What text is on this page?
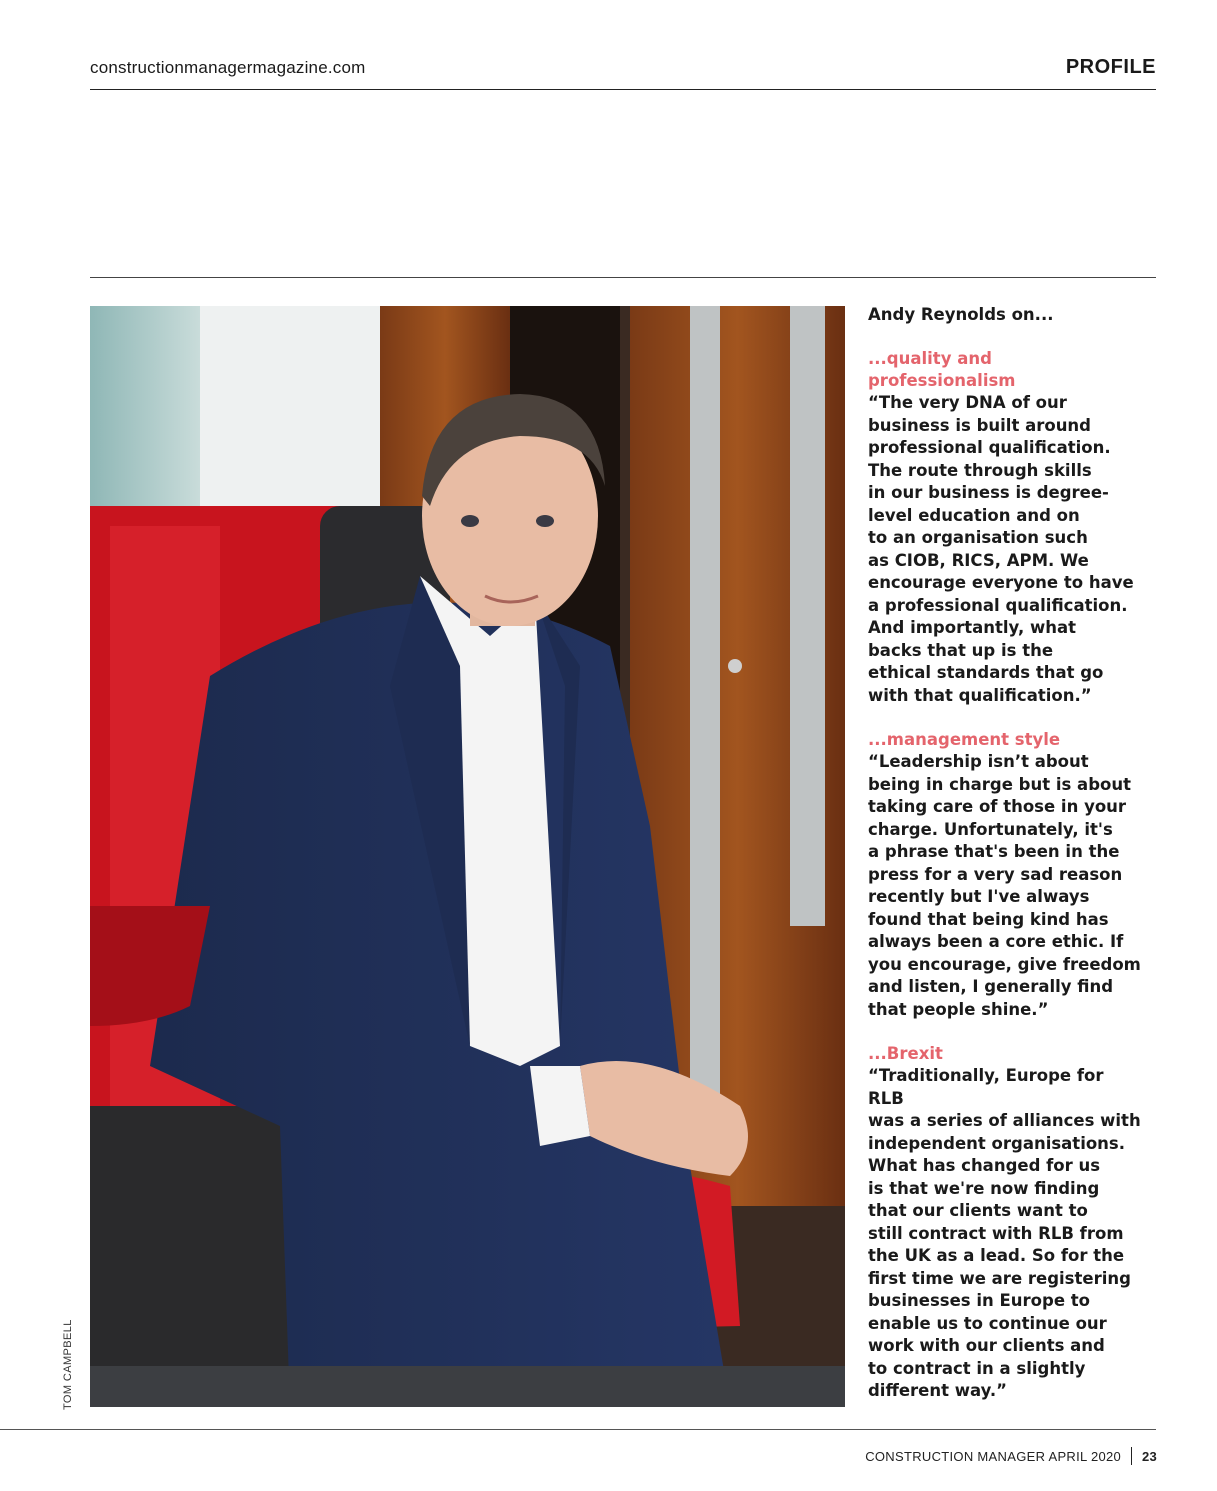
constructionmanagermagazine.com	PROFILE
TOM CAMPBELL

Andy Reynolds on...

...quality and professionalism

“The very DNA of our
business is built around
professional qualification.
The route through skills
in our business is degree-
level education and on
to an organisation such
as CIOB, RICS, APM. We
encourage everyone to have
a professional qualification.
And importantly, what
backs that up is the
ethical standards that go
with that qualification.”

...management style

“Leadership isn’t about
being in charge but is about
taking care of those in your
charge. Unfortunately, it's
a phrase that's been in the
press for a very sad reason
recently but I've always
found that being kind has
always been a core ethic. If
you encourage, give freedom
and listen, I generally find
that people shine.”

...Brexit

“Traditionally, Europe for RLB
was a series of alliances with
independent organisations.
What has changed for us
is that we're now finding
that our clients want to
still contract with RLB from
the UK as a lead. So for the
first time we are registering
businesses in Europe to
enable us to continue our
work with our clients and
to contract in a slightly
different way.”

CONSTRUCTION MANAGER APRIL 2020 23
